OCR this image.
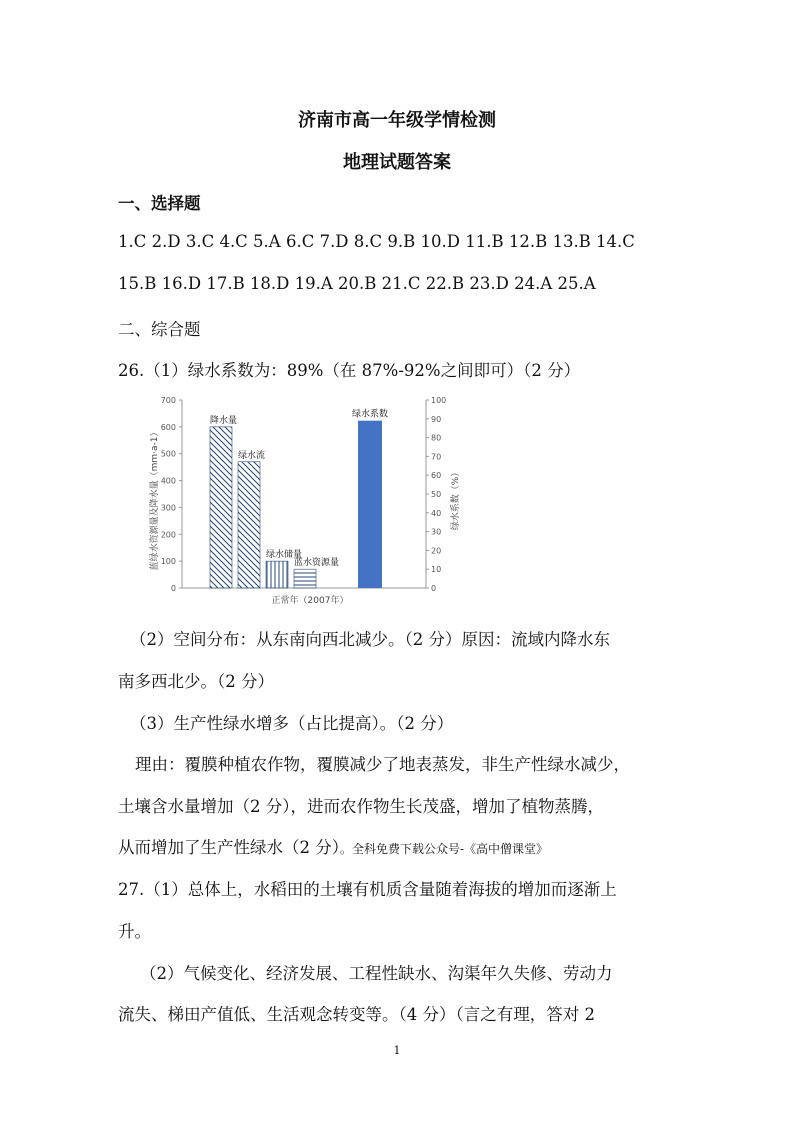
济南市高一年级学情检测
地理试题答案
一、选择题
1.C 2.D 3.C 4.C 5.A 6.C 7.D 8.C 9.B 10.D 11.B 12.B 13.B 14.C
15.B 16.D 17.B 18.D 19.A 20.B 21.C 22.B 23.D 24.A 25.A
二、综合题
26.（1）绿水系数为：89%（在 87%-92%之间即可）（2 分）
蓝绿水资源量及降水量（mm·a-1）	绿水系数（%）
正常年（2007年）
0
100
200
300
400
500
600
700
0
10
20
30
40
50
60
70
80
90
100
降水量
绿水流
绿水储量
蓝水资源量
绿水系数
（2）空间分布：从东南向西北减少。（2 分）原因：流域内降水东
南多西北少。（2 分）
（3）生产性绿水增多（占比提高）。（2 分）
理由：覆膜种植农作物，覆膜减少了地表蒸发，非生产性绿水减少，
土壤含水量增加（2 分），进而农作物生长茂盛，增加了植物蒸腾，
从而增加了生产性绿水（2 分）。全科免费下载公众号-《高中僧课堂》
27.（1）总体上，水稻田的土壤有机质含量随着海拔的增加而逐渐上
升。
（2）气候变化、经济发展、工程性缺水、沟渠年久失修、劳动力
流失、梯田产值低、生活观念转变等。（4 分）（言之有理，答对 2
1
